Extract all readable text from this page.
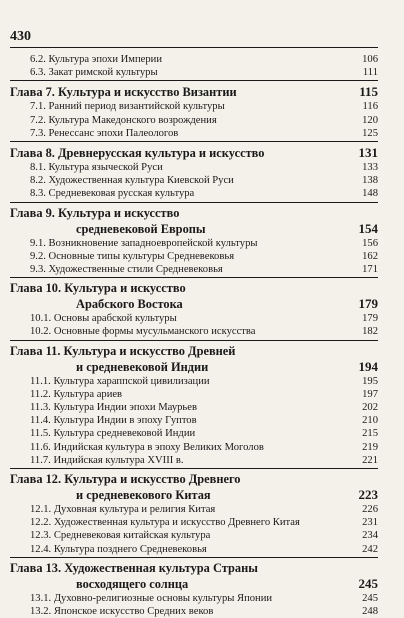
430
6.2. Культура эпохи Империи	106
6.3. Закат римской культуры	111
Глава 7. Культура и искусство Византии	115
7.1. Ранний период византийской культуры	116
7.2. Культура Македонского возрождения	120
7.3. Ренессанс эпохи Палеологов	125
Глава 8. Древнерусская культура и искусство	131
8.1. Культура языческой Руси	133
8.2. Художественная культура Киевской Руси	138
8.3. Средневековая русская культура	148
Глава 9. Культура и искусство
средневековой Европы	154
9.1. Возникновение западноевропейской культуры	156
9.2. Основные типы культуры Средневековья	162
9.3. Художественные стили Средневековья	171
Глава 10. Культура и искусство
Арабского Востока	179
10.1. Основы арабской культуры	179
10.2. Основные формы мусульманского искусства	182
Глава 11. Культура и искусство Древней
и средневековой Индии	194
11.1. Культура хараппской цивилизации	195
11.2. Культура ариев	197
11.3. Культура Индии эпохи Маурьев	202
11.4. Культура Индии в эпоху Гуптов	210
11.5. Культура средневековой Индии	215
11.6. Индийская культура в эпоху Великих Моголов	219
11.7. Индийская культура XVIII в.	221
Глава 12. Культура и искусство Древнего
и средневекового Китая	223
12.1. Духовная культура и религия Китая	226
12.2. Художественная культура и искусство Древнего Китая	231
12.3. Средневековая китайская культура	234
12.4. Культура позднего Средневековья	242
Глава 13. Художественная культура Страны
восходящего солнца	245
13.1. Духовно-религиозные основы культуры Японии	245
13.2. Японское искусство Средних веков	248
